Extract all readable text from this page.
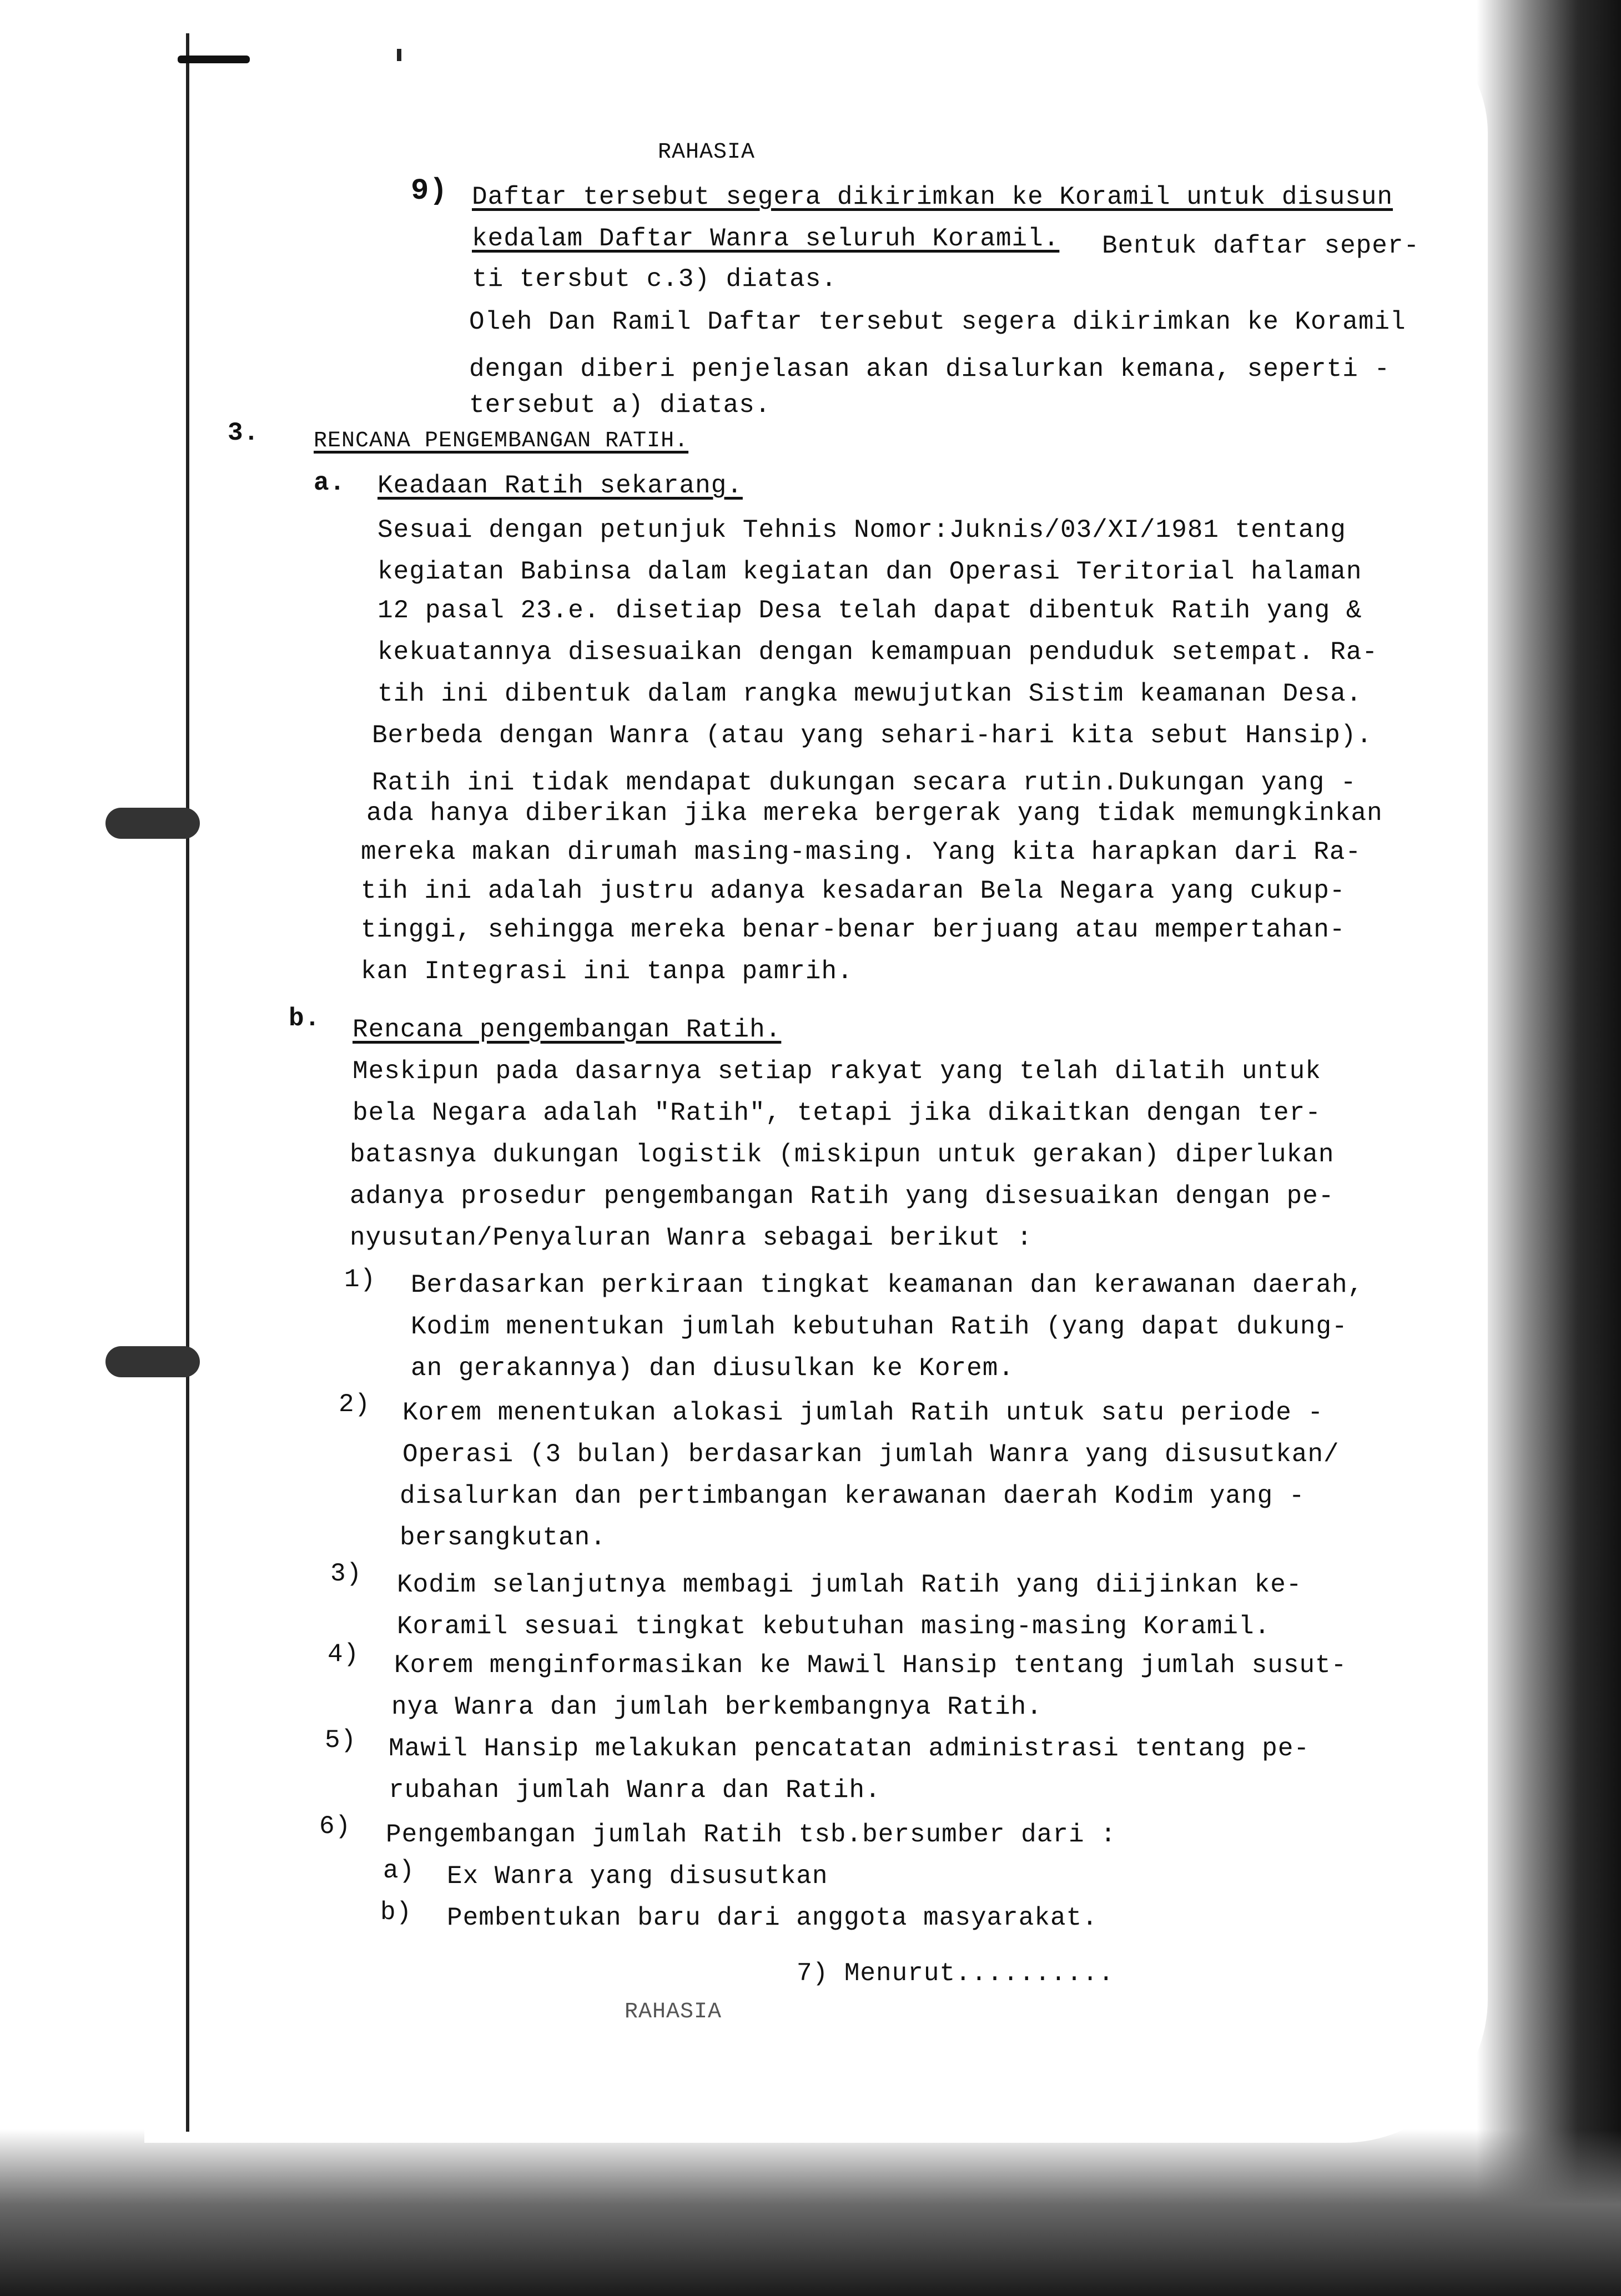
RAHASIA
9) Daftar tersebut segera dikirimkan ke Koramil untuk disusun
kedalam Daftar Wanra seluruh Koramil. Bentuk daftar seper-
ti tersbut c.3) diatas.
Oleh Dan Ramil Daftar tersebut segera dikirimkan ke Koramil
dengan diberi penjelasan akan disalurkan kemana, seperti -
tersebut a) diatas.
3. RENCANA PENGEMBANGAN RATIH.
a. Keadaan Ratih sekarang.
Sesuai dengan petunjuk Tehnis Nomor:Juknis/03/XI/1981 tentang
kegiatan Babinsa dalam kegiatan dan Operasi Teritorial halaman
12 pasal 23.e. disetiap Desa telah dapat dibentuk Ratih yang &
kekuatannya disesuaikan dengan kemampuan penduduk setempat. Ra-
tih ini dibentuk dalam rangka mewujutkan Sistim keamanan Desa.
Berbeda dengan Wanra (atau yang sehari-hari kita sebut Hansip).
Ratih ini tidak mendapat dukungan secara rutin.Dukungan yang -
ada hanya diberikan jika mereka bergerak yang tidak memungkinkan
mereka makan dirumah masing-masing. Yang kita harapkan dari Ra-
tih ini adalah justru adanya kesadaran Bela Negara yang cukup-
tinggi, sehingga mereka benar-benar berjuang atau mempertahan-
kan Integrasi ini tanpa pamrih.
b. Rencana pengembangan Ratih.
Meskipun pada dasarnya setiap rakyat yang telah dilatih untuk
bela Negara adalah "Ratih", tetapi jika dikaitkan dengan ter-
batasnya dukungan logistik (miskipun untuk gerakan) diperlukan
adanya prosedur pengembangan Ratih yang disesuaikan dengan pe-
nyusutan/Penyaluran Wanra sebagai berikut :
1) Berdasarkan perkiraan tingkat keamanan dan kerawanan daerah,
Kodim menentukan jumlah kebutuhan Ratih (yang dapat dukung-
an gerakannya) dan diusulkan ke Korem.
2) Korem menentukan alokasi jumlah Ratih untuk satu periode -
Operasi (3 bulan) berdasarkan jumlah Wanra yang disusutkan/
disalurkan dan pertimbangan kerawanan daerah Kodim yang -
bersangkutan.
3) Kodim selanjutnya membagi jumlah Ratih yang diijinkan ke-
Koramil sesuai tingkat kebutuhan masing-masing Koramil.
4) Korem menginformasikan ke Mawil Hansip tentang jumlah susut-
nya Wanra dan jumlah berkembangnya Ratih.
5) Mawil Hansip melakukan pencatatan administrasi tentang pe-
rubahan jumlah Wanra dan Ratih.
6) Pengembangan jumlah Ratih tsb.bersumber dari :
a) Ex Wanra yang disusutkan
b) Pembentukan baru dari anggota masyarakat.
7) Menurut..........
RAHASIA
